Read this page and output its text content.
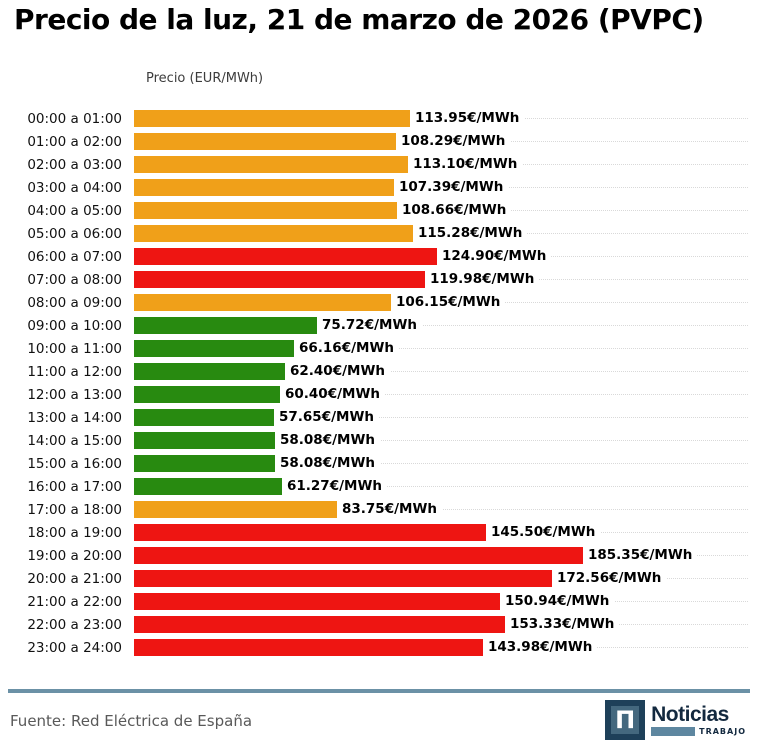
Precio de la luz, 21 de marzo de 2026 (PVPC)
Precio (EUR/MWh)
00:00 a 01:00	113.95€/MWh
01:00 a 02:00	108.29€/MWh
02:00 a 03:00	113.10€/MWh
03:00 a 04:00	107.39€/MWh
04:00 a 05:00	108.66€/MWh
05:00 a 06:00	115.28€/MWh
06:00 a 07:00	124.90€/MWh
07:00 a 08:00	119.98€/MWh
08:00 a 09:00	106.15€/MWh
09:00 a 10:00	75.72€/MWh
10:00 a 11:00	66.16€/MWh
11:00 a 12:00	62.40€/MWh
12:00 a 13:00	60.40€/MWh
13:00 a 14:00	57.65€/MWh
14:00 a 15:00	58.08€/MWh
15:00 a 16:00	58.08€/MWh
16:00 a 17:00	61.27€/MWh
17:00 a 18:00	83.75€/MWh
18:00 a 19:00	145.50€/MWh
19:00 a 20:00	185.35€/MWh
20:00 a 21:00	172.56€/MWh
21:00 a 22:00	150.94€/MWh
22:00 a 23:00	153.33€/MWh
23:00 a 24:00	143.98€/MWh
Fuente: Red Eléctrica de España	Π Noticias
TRABAJO
